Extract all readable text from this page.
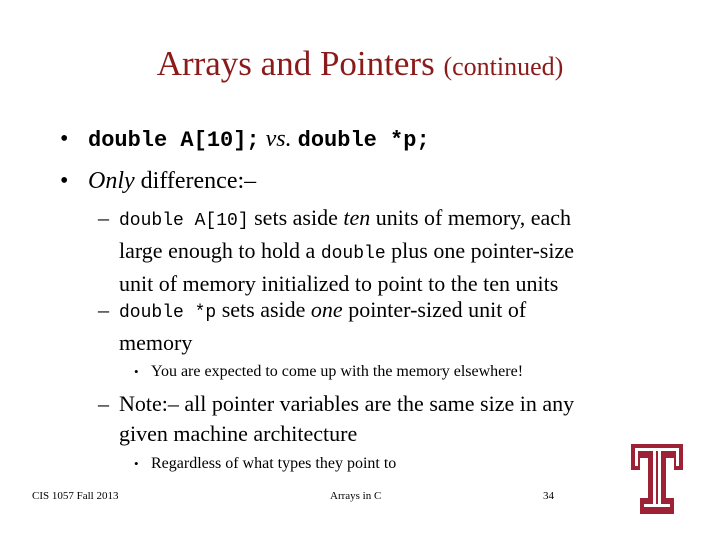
Arrays and Pointers (continued)
• double A[10]; vs. double *p;
• Only difference:–
– double A[10] sets aside ten units of memory, each
large enough to hold a double plus one pointer-size
unit of memory initialized to point to the ten units
– double *p sets aside one pointer-sized unit of
memory
• You are expected to come up with the memory elsewhere!
– Note:– all pointer variables are the same size in any
given machine architecture
• Regardless of what types they point to
CIS 1057 Fall 2013	Arrays in C	34
